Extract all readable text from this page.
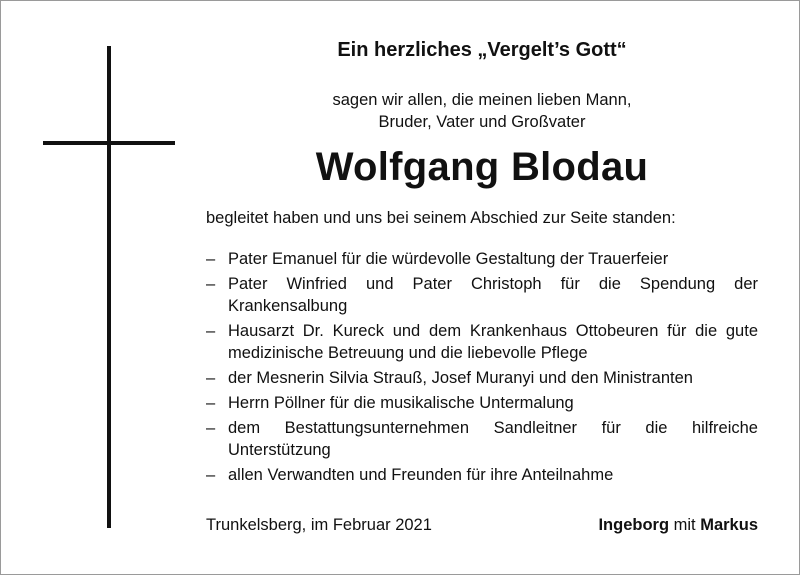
Ein herzliches „Vergelt’s Gott“
sagen wir allen, die meinen lieben Mann,
Bruder, Vater und Großvater
Wolfgang Blodau
begleitet haben und uns bei seinem Abschied zur Seite standen:
– Pater Emanuel für die würdevolle Gestaltung der Trauerfeier
– Pater Winfried und Pater Christoph für die Spendung der Krankensalbung
– Hausarzt Dr. Kureck und dem Krankenhaus Ottobeuren für die gute medizinische Betreuung und die liebevolle Pflege
– der Mesnerin Silvia Strauß, Josef Muranyi und den Ministranten
– Herrn Pöllner für die musikalische Untermalung
– dem Bestattungsunternehmen Sandleitner für die hilfreiche Unterstützung
– allen Verwandten und Freunden für ihre Anteilnahme
Trunkelsberg, im Februar 2021	Ingeborg mit Markus
